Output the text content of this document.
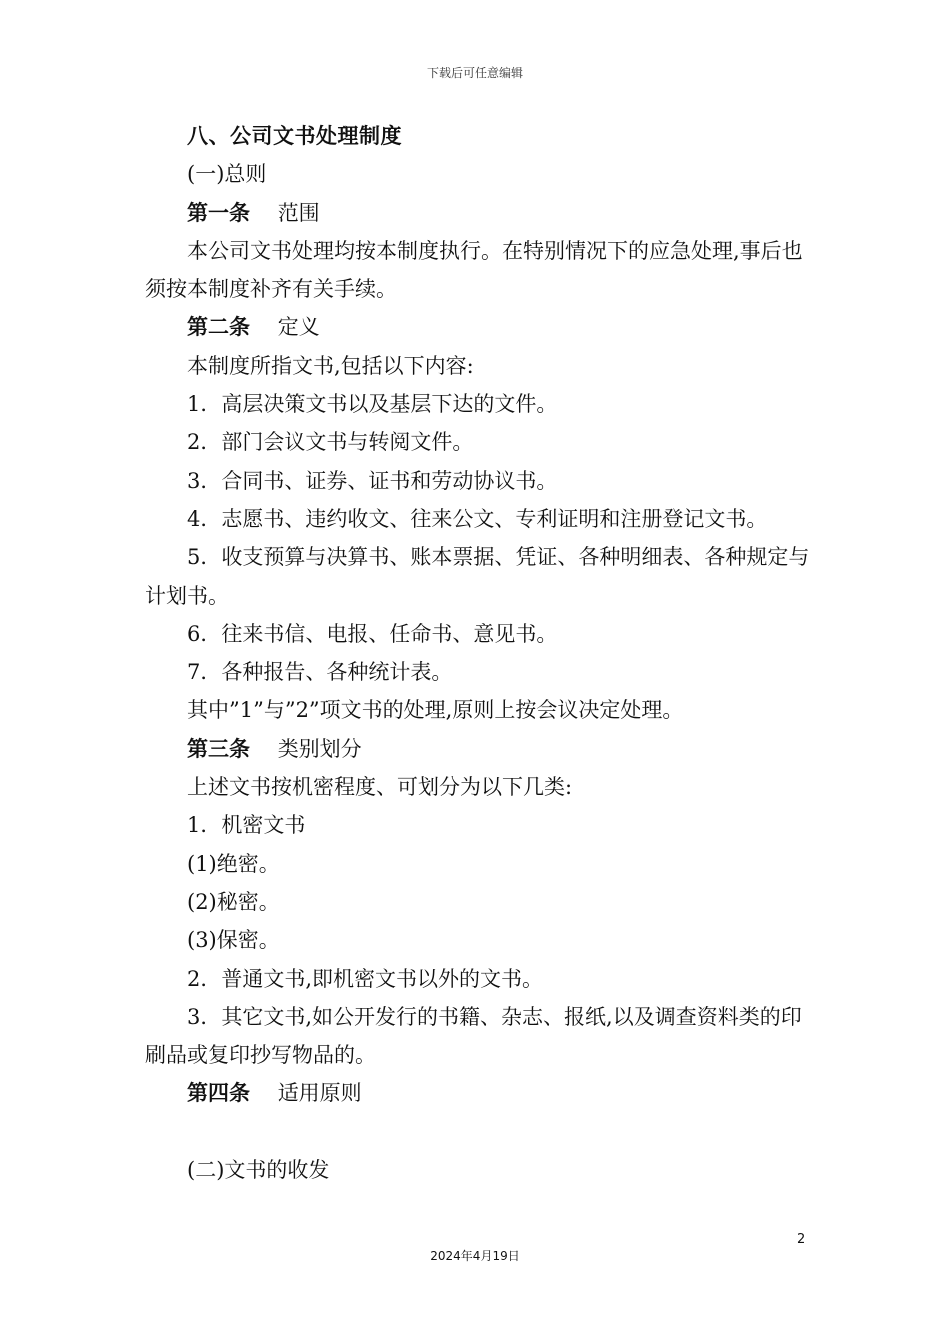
下载后可任意编辑

八、公司文书处理制度

(一)总则

第一条　 范围

本公司文书处理均按本制度执行。在特别情况下的应急处理,事后也须按本制度补齐有关手续。

第二条　 定义

本制度所指文书,包括以下内容:

1．高层决策文书以及基层下达的文件。

2．部门会议文书与转阅文件。

3．合同书、证券、证书和劳动协议书。

4．志愿书、违约收文、往来公文、专利证明和注册登记文书。

5．收支预算与决算书、账本票据、凭证、各种明细表、各种规定与计划书。

6．往来书信、电报、任命书、意见书。

7．各种报告、各种统计表。

其中”1”与”2”项文书的处理,原则上按会议决定处理。

第三条　 类别划分

上述文书按机密程度、可划分为以下几类:

1．机密文书

(1)绝密。

(2)秘密。

(3)保密。

2．普通文书,即机密文书以外的文书。

3．其它文书,如公开发行的书籍、杂志、报纸,以及调查资料类的印刷品或复印抄写物品的。

第四条　 适用原则

(二)文书的收发

2
2024年4月19日
